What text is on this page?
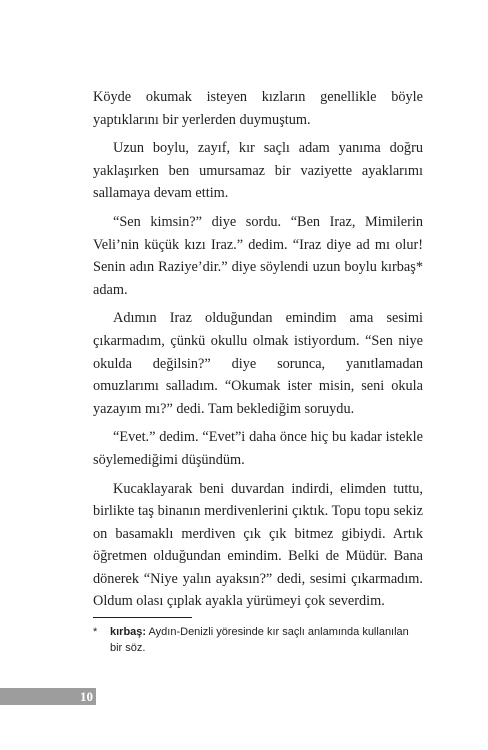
Köyde okumak isteyen kızların genellikle böyle yaptıklarını bir yerlerden duymuştum.

Uzun boylu, zayıf, kır saçlı adam yanıma doğru yaklaşırken ben umursamaz bir vaziyette ayaklarımı sallamaya devam ettim.

“Sen kimsin?” diye sordu. “Ben Iraz, Mimilerin Veli’nin küçük kızı Iraz.” dedim. “Iraz diye ad mı olur! Senin adın Raziye’dir.” diye söylendi uzun boylu kırbaş* adam.

Adımın Iraz olduğundan emindim ama sesimi çıkarmadım, çünkü okullu olmak istiyordum. “Sen niye okulda değilsin?” diye sorunca, yanıtlamadan omuzlarımı salladım. “Okumak ister misin, seni okula yazayım mı?” dedi. Tam beklediğim soruydu.

“Evet.” dedim. “Evet”i daha önce hiç bu kadar istekle söylemediğimi düşündüm.

Kucaklayarak beni duvardan indirdi, elimden tuttu, birlikte taş binanın merdivenlerini çıktık. Topu topu sekiz on basamaklı merdiven çık çık bitmez gibiydi. Artık öğretmen olduğundan emindim. Belki de Müdür. Bana dönerek “Niye yalın ayaksın?” dedi, sesimi çıkarmadım. Oldum olası çıplak ayakla yürümeyi çok severdim.

*	kırbaş: Aydın-Denizli yöresinde kır saçlı anlamında kullanılan bir söz.
10
